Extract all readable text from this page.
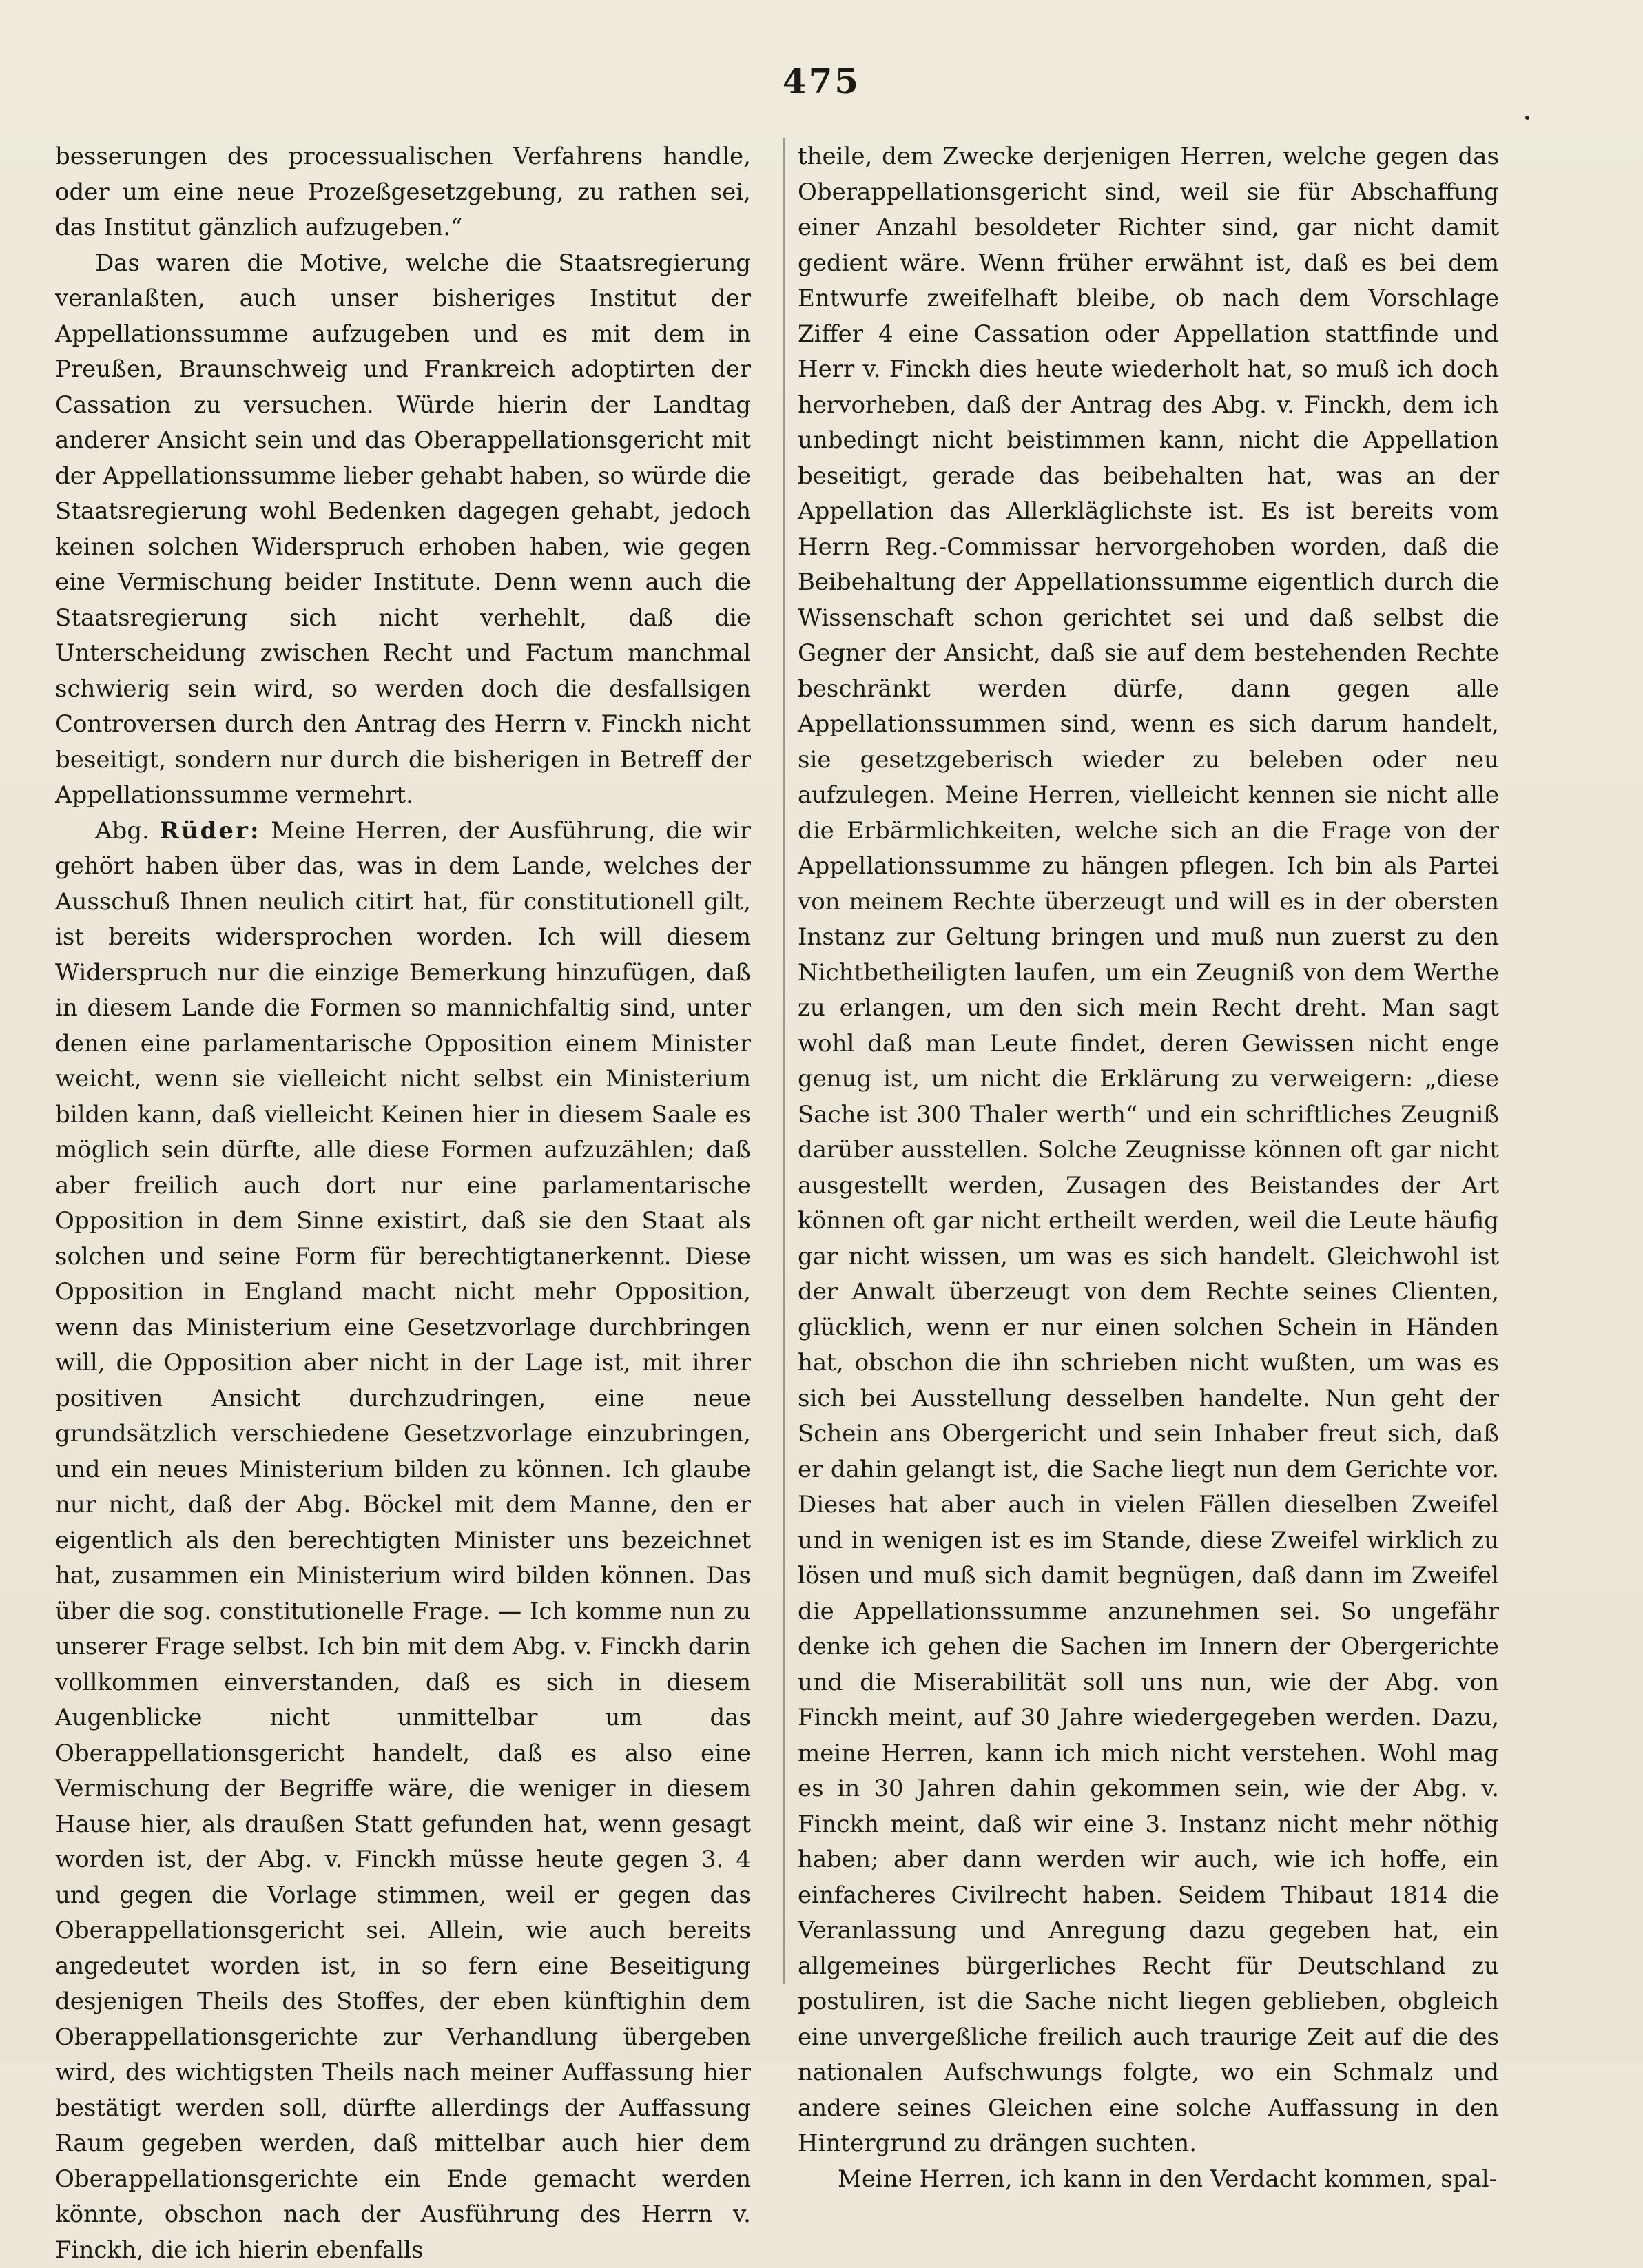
475

besserungen des processualischen Verfahrens handle, oder um eine neue Prozeßgesetzgebung, zu rathen sei, das Institut gänzlich aufzugeben.“

Das waren die Motive, welche die Staatsregierung veranlaßten, auch unser bisheriges Institut der Appellationssumme aufzugeben und es mit dem in Preußen, Braunschweig und Frankreich adoptirten der Cassation zu versuchen. Würde hierin der Landtag anderer Ansicht sein und das Oberappellationsgericht mit der Appellationssumme lieber gehabt haben, so würde die Staatsregierung wohl Bedenken dagegen gehabt, jedoch keinen solchen Widerspruch erhoben haben, wie gegen eine Vermischung beider Institute. Denn wenn auch die Staatsregierung sich nicht verhehlt, daß die Unterscheidung zwischen Recht und Factum manchmal schwierig sein wird, so werden doch die desfallsigen Controversen durch den Antrag des Herrn v. Finckh nicht beseitigt, sondern nur durch die bisherigen in Betreff der Appellationssumme vermehrt.

Abg. Rüder: Meine Herren, der Ausführung, die wir gehört haben über das, was in dem Lande, welches der Ausschuß Ihnen neulich citirt hat, für constitutionell gilt, ist bereits widersprochen worden. Ich will diesem Widerspruch nur die einzige Bemerkung hinzufügen, daß in diesem Lande die Formen so mannichfaltig sind, unter denen eine parlamentarische Opposition einem Minister weicht, wenn sie vielleicht nicht selbst ein Ministerium bilden kann, daß vielleicht Keinen hier in diesem Saale es möglich sein dürfte, alle diese Formen aufzuzählen; daß aber freilich auch dort nur eine parlamentarische Opposition in dem Sinne existirt, daß sie den Staat als solchen und seine Form für berechtigtanerkennt. Diese Opposition in England macht nicht mehr Opposition, wenn das Ministerium eine Gesetzvorlage durchbringen will, die Opposition aber nicht in der Lage ist, mit ihrer positiven Ansicht durchzudringen, eine neue grundsätzlich verschiedene Gesetzvorlage einzubringen, und ein neues Ministerium bilden zu können. Ich glaube nur nicht, daß der Abg. Böckel mit dem Manne, den er eigentlich als den berechtigten Minister uns bezeichnet hat, zusammen ein Ministerium wird bilden können. Das über die sog. constitutionelle Frage. — Ich komme nun zu unserer Frage selbst. Ich bin mit dem Abg. v. Finckh darin vollkommen einverstanden, daß es sich in diesem Augenblicke nicht unmittelbar um das Oberappellationsgericht handelt, daß es also eine Vermischung der Begriffe wäre, die weniger in diesem Hause hier, als draußen Statt gefunden hat, wenn gesagt worden ist, der Abg. v. Finckh müsse heute gegen 3. 4 und gegen die Vorlage stimmen, weil er gegen das Oberappellationsgericht sei. Allein, wie auch bereits angedeutet worden ist, in so fern eine Beseitigung desjenigen Theils des Stoffes, der eben künftighin dem Oberappellationsgerichte zur Verhandlung übergeben wird, des wichtigsten Theils nach meiner Auffassung hier bestätigt werden soll, dürfte allerdings der Auffassung Raum gegeben werden, daß mittelbar auch hier dem Oberappellationsgerichte ein Ende gemacht werden könnte, obschon nach der Ausführung des Herrn v. Finckh, die ich hierin ebenfalls

theile, dem Zwecke derjenigen Herren, welche gegen das Oberappellationsgericht sind, weil sie für Abschaffung einer Anzahl besoldeter Richter sind, gar nicht damit gedient wäre. Wenn früher erwähnt ist, daß es bei dem Entwurfe zweifelhaft bleibe, ob nach dem Vorschlage Ziffer 4 eine Cassation oder Appellation stattfinde und Herr v. Finckh dies heute wiederholt hat, so muß ich doch hervorheben, daß der Antrag des Abg. v. Finckh, dem ich unbedingt nicht beistimmen kann, nicht die Appellation beseitigt, gerade das beibehalten hat, was an der Appellation das Allerkläglichste ist. Es ist bereits vom Herrn Reg.-Commissar hervorgehoben worden, daß die Beibehaltung der Appellationssumme eigentlich durch die Wissenschaft schon gerichtet sei und daß selbst die Gegner der Ansicht, daß sie auf dem bestehenden Rechte beschränkt werden dürfe, dann gegen alle Appellationssummen sind, wenn es sich darum handelt, sie gesetzgeberisch wieder zu beleben oder neu aufzulegen. Meine Herren, vielleicht kennen sie nicht alle die Erbärmlichkeiten, welche sich an die Frage von der Appellationssumme zu hängen pflegen. Ich bin als Partei von meinem Rechte überzeugt und will es in der obersten Instanz zur Geltung bringen und muß nun zuerst zu den Nichtbetheiligten laufen, um ein Zeugniß von dem Werthe zu erlangen, um den sich mein Recht dreht. Man sagt wohl daß man Leute findet, deren Gewissen nicht enge genug ist, um nicht die Erklärung zu verweigern: „diese Sache ist 300 Thaler werth“ und ein schriftliches Zeugniß darüber ausstellen. Solche Zeugnisse können oft gar nicht ausgestellt werden, Zusagen des Beistandes der Art können oft gar nicht ertheilt werden, weil die Leute häufig gar nicht wissen, um was es sich handelt. Gleichwohl ist der Anwalt überzeugt von dem Rechte seines Clienten, glücklich, wenn er nur einen solchen Schein in Händen hat, obschon die ihn schrieben nicht wußten, um was es sich bei Ausstellung desselben handelte. Nun geht der Schein ans Obergericht und sein Inhaber freut sich, daß er dahin gelangt ist, die Sache liegt nun dem Gerichte vor. Dieses hat aber auch in vielen Fällen dieselben Zweifel und in wenigen ist es im Stande, diese Zweifel wirklich zu lösen und muß sich damit begnügen, daß dann im Zweifel die Appellationssumme anzunehmen sei. So ungefähr denke ich gehen die Sachen im Innern der Obergerichte und die Miserabilität soll uns nun, wie der Abg. von Finckh meint, auf 30 Jahre wiedergegeben werden. Dazu, meine Herren, kann ich mich nicht verstehen. Wohl mag es in 30 Jahren dahin gekommen sein, wie der Abg. v. Finckh meint, daß wir eine 3. Instanz nicht mehr nöthig haben; aber dann werden wir auch, wie ich hoffe, ein einfacheres Civilrecht haben. Seidem Thibaut 1814 die Veranlassung und Anregung dazu gegeben hat, ein allgemeines bürgerliches Recht für Deutschland zu postuliren, ist die Sache nicht liegen geblieben, obgleich eine unvergeßliche freilich auch traurige Zeit auf die des nationalen Aufschwungs folgte, wo ein Schmalz und andere seines Gleichen eine solche Auffassung in den Hintergrund zu drängen suchten.

Meine Herren, ich kann in den Verdacht kommen, spal-
